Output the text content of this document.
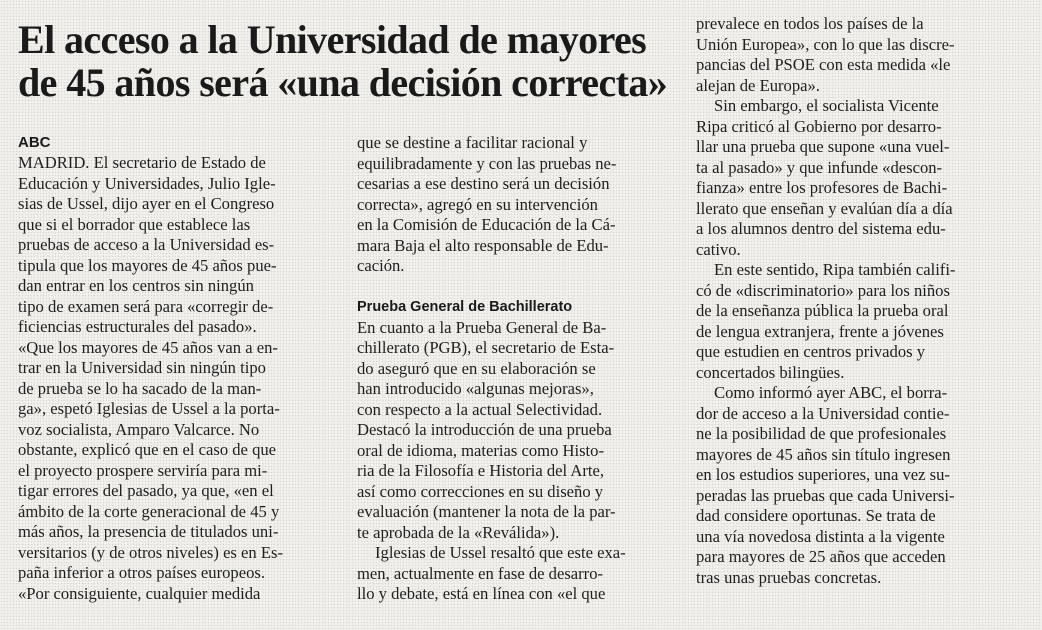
El acceso a la Universidad de mayores
de 45 años será «una decisión correcta»

ABC

MADRID. El secretario de Estado de

Educación y Universidades, Julio Igle-

sias de Ussel, dijo ayer en el Congreso

que si el borrador que establece las

pruebas de acceso a la Universidad es-

tipula que los mayores de 45 años pue-

dan entrar en los centros sin ningún

tipo de examen será para «corregir de-

ficiencias estructurales del pasado».

«Que los mayores de 45 años van a en-

trar en la Universidad sin ningún tipo

de prueba se lo ha sacado de la man-

ga», espetó Iglesias de Ussel a la porta-

voz socialista, Amparo Valcarce. No

obstante, explicó que en el caso de que

el proyecto prospere serviría para mi-

tigar errores del pasado, ya que, «en el

ámbito de la corte generacional de 45 y

más años, la presencia de titulados uni-

versitarios (y de otros niveles) es en Es-

paña inferior a otros países europeos.

«Por consiguiente, cualquier medida

que se destine a facilitar racional y

equilibradamente y con las pruebas ne-

cesarias a ese destino será un decisión

correcta», agregó en su intervención

en la Comisión de Educación de la Cá-

mara Baja el alto responsable de Edu-

cación.

Prueba General de Bachillerato

En cuanto a la Prueba General de Ba-

chillerato (PGB), el secretario de Esta-

do aseguró que en su elaboración se

han introducido «algunas mejoras»,

con respecto a la actual Selectividad.

Destacó la introducción de una prueba

oral de idioma, materias como Histo-

ria de la Filosofía e Historia del Arte,

así como correcciones en su diseño y

evaluación (mantener la nota de la par-

te aprobada de la «Reválida»).

Iglesias de Ussel resaltó que este exa-

men, actualmente en fase de desarro-

llo y debate, está en línea con «el que

prevalece en todos los países de la

Unión Europea», con lo que las discre-

pancias del PSOE con esta medida «le

alejan de Europa».

Sin embargo, el socialista Vicente

Ripa criticó al Gobierno por desarro-

llar una prueba que supone «una vuel-

ta al pasado» y que infunde «descon-

fianza» entre los profesores de Bachi-

llerato que enseñan y evalúan día a día

a los alumnos dentro del sistema edu-

cativo.

En este sentido, Ripa también califi-

có de «discriminatorio» para los niños

de la enseñanza pública la prueba oral

de lengua extranjera, frente a jóvenes

que estudien en centros privados y

concertados bilingües.

Como informó ayer ABC, el borra-

dor de acceso a la Universidad contie-

ne la posibilidad de que profesionales

mayores de 45 años sin título ingresen

en los estudios superiores, una vez su-

peradas las pruebas que cada Universi-

dad considere oportunas. Se trata de

una vía novedosa distinta a la vigente

para mayores de 25 años que acceden

tras unas pruebas concretas.
